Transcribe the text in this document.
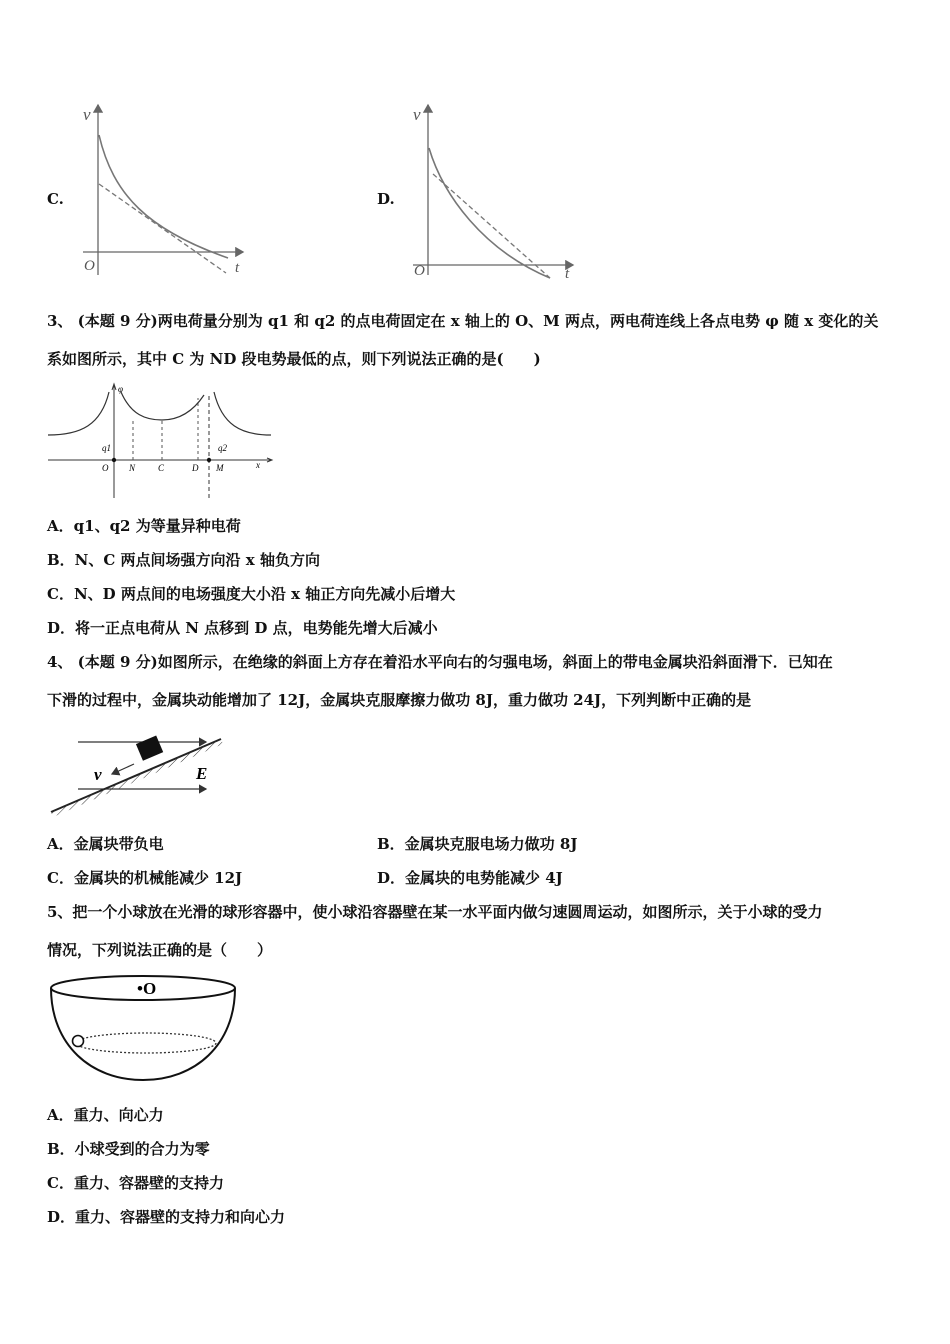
C.
v
O	t
D.
v
O	t
3、 (本题 9 分)两电荷量分别为 q1 和 q2 的点电荷固定在 x 轴上的 O、M 两点，两电荷连线上各点电势 φ 随 x 变化的关
系如图所示，其中 C 为 ND 段电势最低的点，则下列说法正确的是(　　)
φ
q1	q2
O N	C	D M	x
A．q1、q2 为等量异种电荷
B．N、C 两点间场强方向沿 x 轴负方向
C．N、D 两点间的电场强度大小沿 x 轴正方向先减小后增大
D．将一正点电荷从 N 点移到 D 点，电势能先增大后减小
4、 (本题 9 分)如图所示，在绝缘的斜面上方存在着沿水平向右的匀强电场，斜面上的带电金属块沿斜面滑下．已知在
下滑的过程中，金属块动能增加了 12J，金属块克服摩擦力做功 8J，重力做功 24J，下列判断中正确的是
v	E
A．金属块带负电	B．金属块克服电场力做功 8J
C．金属块的机械能减少 12J	D．金属块的电势能减少 4J
5、把一个小球放在光滑的球形容器中，使小球沿容器壁在某一水平面内做匀速圆周运动，如图所示，关于小球的受力
情况，下列说法正确的是（　　）
•O
A．重力、向心力
B．小球受到的合力为零
C．重力、容器壁的支持力
D．重力、容器壁的支持力和向心力
